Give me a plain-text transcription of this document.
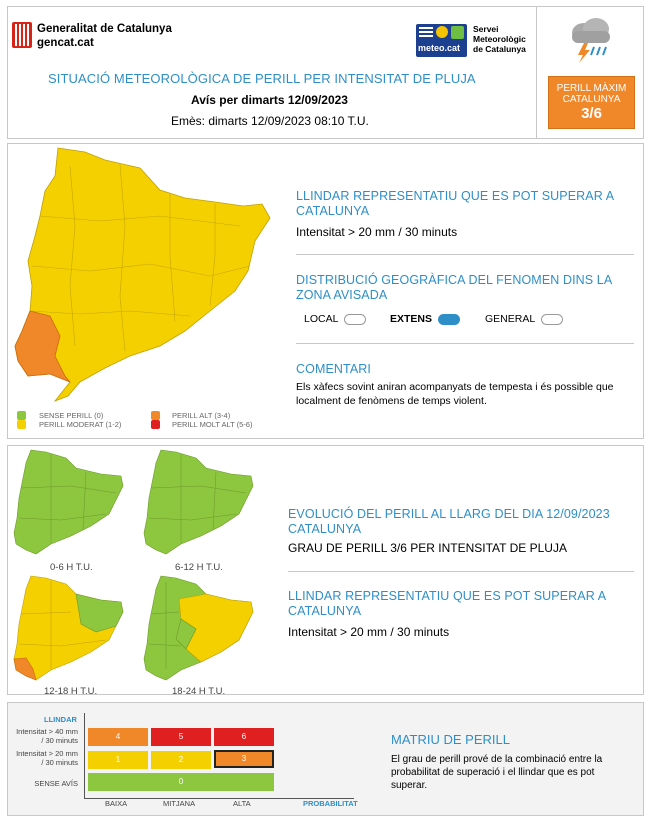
Generalitat de Catalunya
gencat.cat	meteo.cat
Servei
Meteorològic
de Catalunya
SITUACIÓ METEOROLÒGICA DE PERILL PER INTENSITAT DE PLUJA
Avís per dimarts 12/09/2023
Emès: dimarts 12/09/2023 08:10 T.U.
PERILL MÀXIM
CATALUNYA
3/6
SENSE PERILL (0)
PERILL MODERAT (1-2)
PERILL ALT (3-4)
PERILL MOLT ALT (5-6)
LLINDAR REPRESENTATIU QUE ES POT SUPERAR A CATALUNYA
Intensitat > 20 mm / 30 minuts
DISTRIBUCIÓ GEOGRÀFICA DEL FENOMEN DINS LA ZONA AVISADA
LOCAL	EXTENS	GENERAL
COMENTARI
Els xàfecs sovint aniran acompanyats de tempesta i és possible que localment de fenòmens de temps violent.
0-6 H T.U.	6-12 H T.U.
12-18 H T.U.	18-24 H T.U.
EVOLUCIÓ DEL PERILL AL LLARG DEL DIA 12/09/2023 CATALUNYA
GRAU DE PERILL 3/6 PER INTENSITAT DE PLUJA
LLINDAR REPRESENTATIU QUE ES POT SUPERAR A CATALUNYA
Intensitat > 20 mm / 30 minuts
LLINDAR
Intensitat > 40 mm / 30 minuts
Intensitat > 20 mm / 30 minuts
SENSE AVÍS
4	5	6
1	2	3
0
BAIXA	MITJANA	ALTA	PROBABILITAT
MATRIU DE PERILL
El grau de perill prové de la combinació entre la probabilitat de superació i el llindar que es pot superar.
